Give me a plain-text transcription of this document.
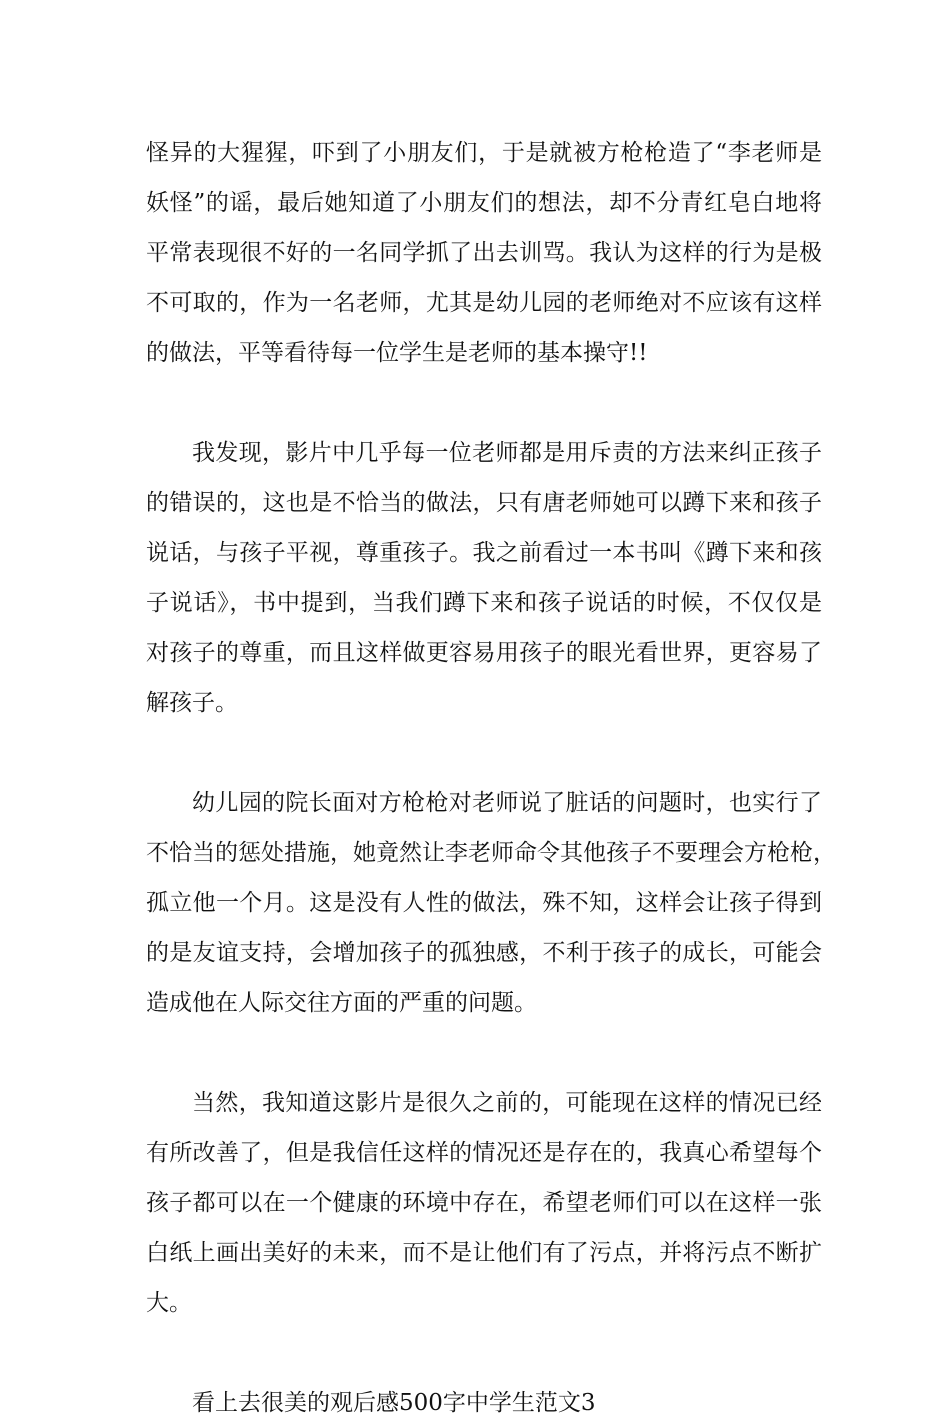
怪异的大猩猩，吓到了小朋友们，于是就被方枪枪造了“李老师是
妖怪”的谣，最后她知道了小朋友们的想法，却不分青红皂白地将
平常表现很不好的一名同学抓了出去训骂。我认为这样的行为是极
不可取的，作为一名老师，尤其是幼儿园的老师绝对不应该有这样
的做法，平等看待每一位学生是老师的基本操守!!
我发现，影片中几乎每一位老师都是用斥责的方法来纠正孩子
的错误的，这也是不恰当的做法，只有唐老师她可以蹲下来和孩子
说话，与孩子平视，尊重孩子。我之前看过一本书叫《蹲下来和孩
子说话》，书中提到，当我们蹲下来和孩子说话的时候，不仅仅是
对孩子的尊重，而且这样做更容易用孩子的眼光看世界，更容易了
解孩子。
幼儿园的院长面对方枪枪对老师说了脏话的问题时，也实行了
不恰当的惩处措施，她竟然让李老师命令其他孩子不要理会方枪枪，
孤立他一个月。这是没有人性的做法，殊不知，这样会让孩子得到
的是友谊支持，会增加孩子的孤独感，不利于孩子的成长，可能会
造成他在人际交往方面的严重的问题。
当然，我知道这影片是很久之前的，可能现在这样的情况已经
有所改善了，但是我信任这样的情况还是存在的，我真心希望每个
孩子都可以在一个健康的环境中存在，希望老师们可以在这样一张
白纸上画出美好的未来，而不是让他们有了污点，并将污点不断扩
大。
看上去很美的观后感500字中学生范文3
